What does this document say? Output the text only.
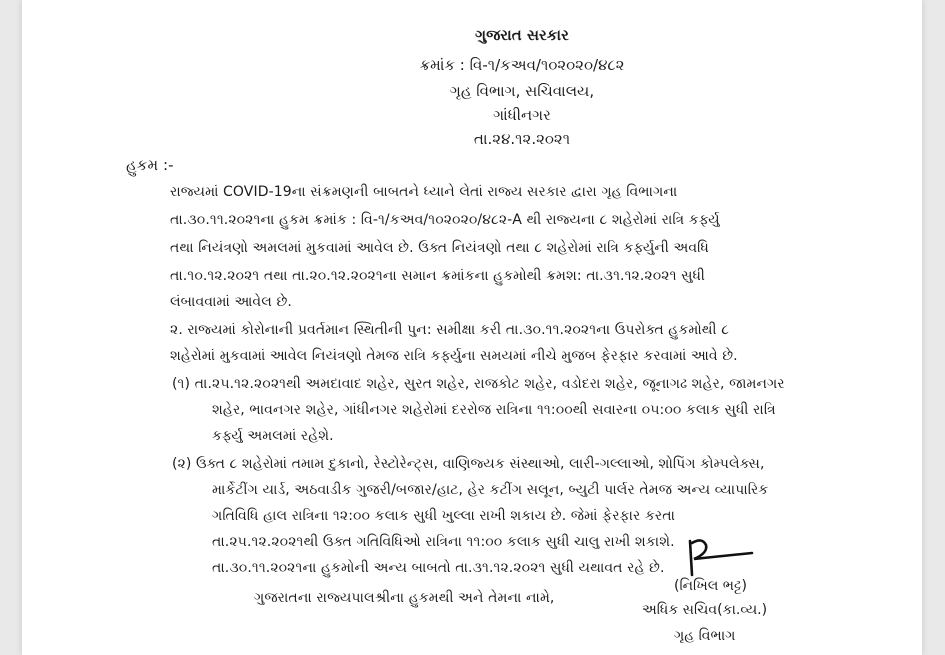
ગુજરાત સરકાર
ક્રમાંક : વિ-૧/કઅવ/૧૦૨૦૨૦/૪૮૨
ગૃહ વિભાગ, સચિવાલય,
ગાંધીનગર
તા.૨૪.૧૨.૨૦૨૧
હુકમ :-
રાજ્યમાં COVID-19ના સંક્રમણની બાબતને ધ્યાને લેતાં રાજ્ય સરકાર દ્વારા ગૃહ વિભાગના
તા.૩૦.૧૧.૨૦૨૧ના હુકમ ક્રમાંક : વિ-૧/કઅવ/૧૦૨૦૨૦/૪૮૨-A થી રાજ્યના ૮ શહેરોમાં રાત્રિ કર્ફ્યુ
તથા નિયંત્રણો અમલમાં મુકવામાં આવેલ છે. ઉક્ત નિયંત્રણો તથા ૮ શહેરોમાં રાત્રિ કર્ફ્યુની અવધિ
તા.૧૦.૧૨.૨૦૨૧ તથા તા.૨૦.૧૨.૨૦૨૧ના સમાન ક્રમાંકના હુકમોથી ક્રમશ: તા.૩૧.૧૨.૨૦૨૧ સુધી
લંબાવવામાં આવેલ છે.
૨. રાજ્યમાં કોરોનાની પ્રવર્તમાન સ્થિતીની પુન: સમીક્ષા કરી તા.૩૦.૧૧.૨૦૨૧ના ઉપરોક્ત હુકમોથી ૮
શહેરોમાં મુકવામાં આવેલ નિયંત્રણો તેમજ રાત્રિ કર્ફ્યુના સમયમાં નીચે મુજબ ફેરફાર કરવામાં આવે છે.
(૧) તા.૨૫.૧૨.૨૦૨૧થી અમદાવાદ શહેર, સુરત શહેર, રાજકોટ શહેર, વડોદરા શહેર, જૂનાગઢ શહેર, જામનગર
શહેર, ભાવનગર શહેર, ગાંધીનગર શહેરોમાં દરરોજ રાત્રિના ૧૧:૦૦થી સવારના ૦૫:૦૦ કલાક સુધી રાત્રિ
કર્ફ્યુ અમલમાં રહેશે.
(૨) ઉક્ત ૮ શહેરોમાં તમામ દુકાનો, રેસ્ટોરેન્ટ્સ, વાણિજ્યક સંસ્થાઓ, લારી-ગલ્લાઓ, શોપિંગ કોમ્પલેક્સ,
માર્કેટીંગ યાર્ડ, અઠવાડીક ગુજરી/બજાર/હાટ, હેર કટીંગ સલૂન, બ્યુટી પાર્લર તેમજ અન્ય વ્યાપારિક
ગતિવિધિ હાલ રાત્રિના ૧૨:૦૦ કલાક સુધી ખુલ્લા રાખી શકાય છે. જેમાં ફેરફાર કરતા
તા.૨૫.૧૨.૨૦૨૧થી ઉક્ત ગતિવિધિઓ રાત્રિના ૧૧:૦૦ કલાક સુધી ચાલુ રાખી શકાશે.
તા.૩૦.૧૧.૨૦૨૧ના હુકમોની અન્ય બાબતો તા.૩૧.૧૨.૨૦૨૧ સુધી યથાવત રહે છે.
ગુજરાતના રાજ્યપાલશ્રીના હુકમથી અને તેમના નામે,
(નિખિલ ભટ્ટ)
અધિક સચિવ(કા.વ્ય.)
ગૃહ વિભાગ
